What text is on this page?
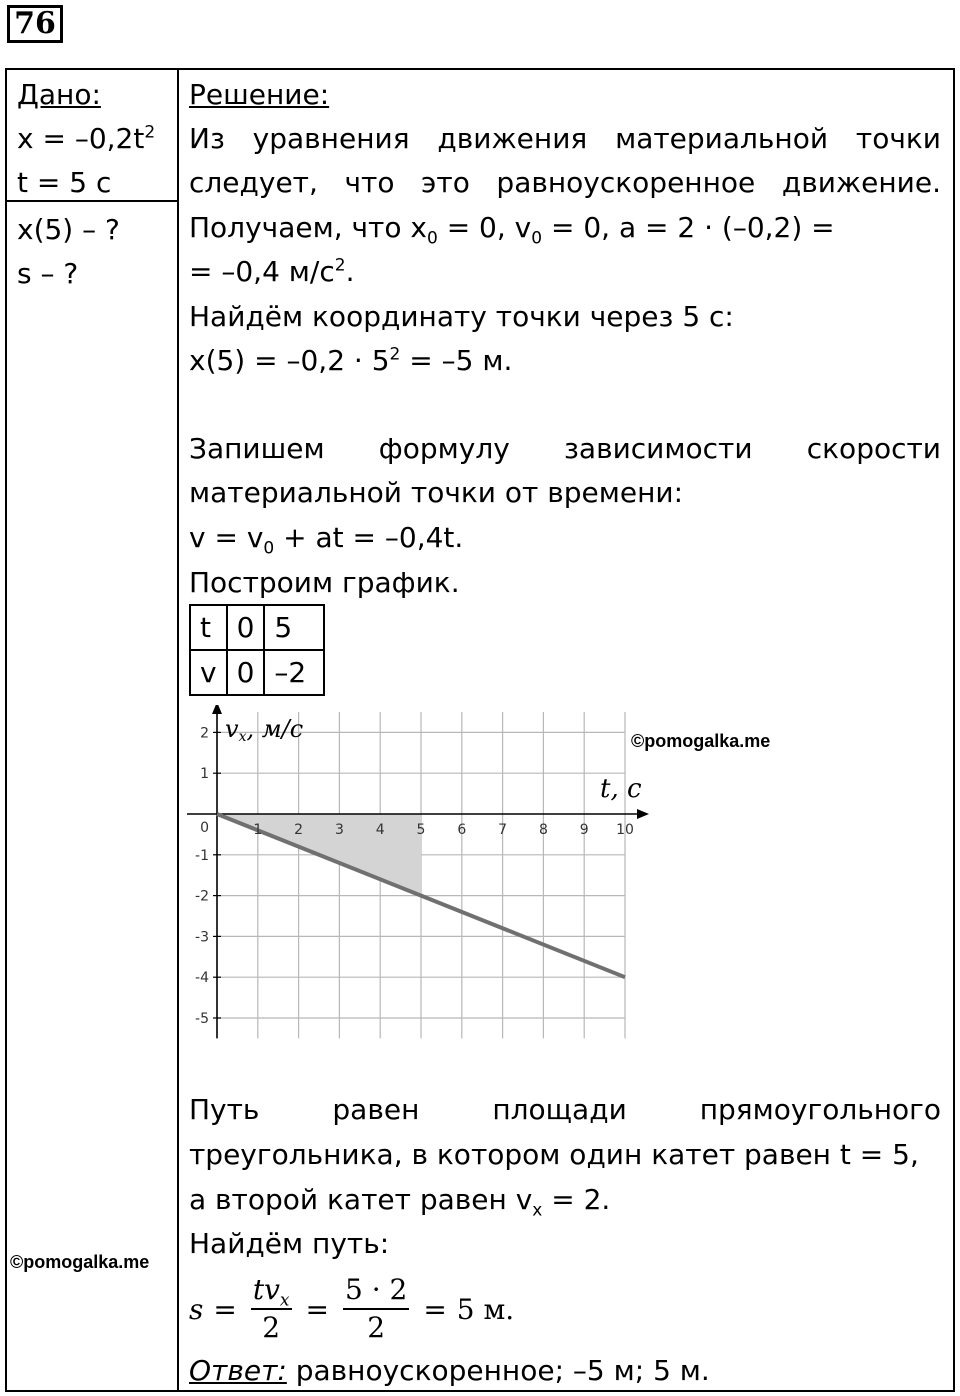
76
Дано:
$x = -0,2t^2$
t = 5 с
x(5) – ?
s – ?
©pomogalka.me
Решение:
Из уравнения движения материальной точки
следует, что это равноускоренное движение.
Получаем, что $x_0 = 0$, $v_0 = 0$, a = 2 · (–0,2) =
= –0,4 $м/с^2$.
Найдём координату точки через 5 с:
$x(5) = -0,2 \cdot 5^2 = -5$ м.
Запишем формулу зависимости скорости
материальной точки от времени:
$v = v_0$ + at = –0,4t.
Построим график.
t	0	5
v	0	–2
1 2 3 4 5 6 7 8 9 10
2
1
0
-1
-2
-3
-4
-5
vx, м/с
t, с
©pomogalka.me
Путь равен площади прямоугольного
треугольника, в котором один катет равен t = 5,
а второй катет равен $v_x = 2$.
Найдём путь:
$s = \frac{tv_x}{2} = \frac{5 \cdot 2}{2} = 5$ м.
Ответ: равноускоренное; –5 м; 5 м.
